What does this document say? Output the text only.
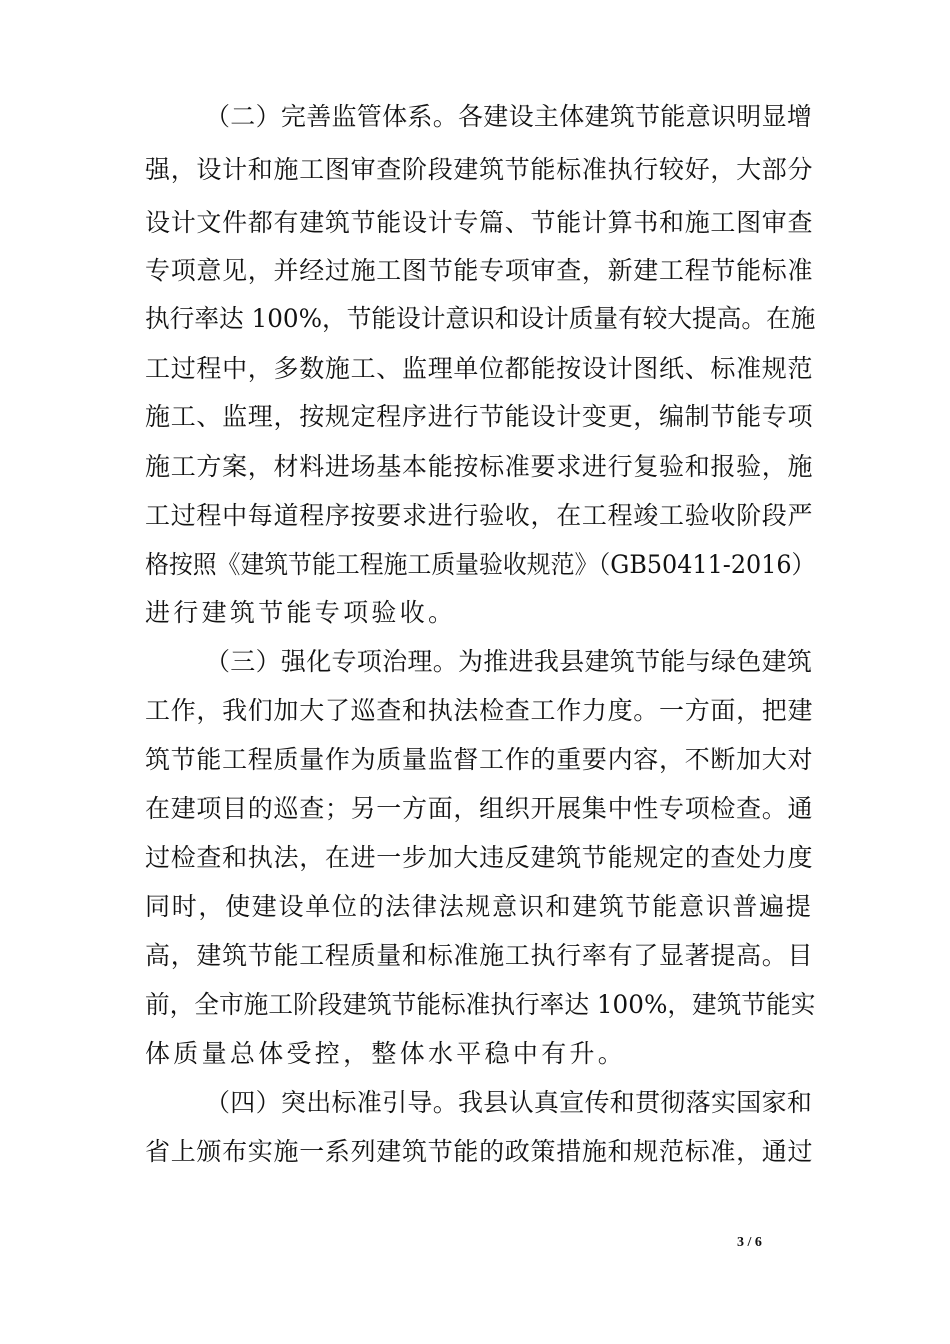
（二）完善监管体系。各建设主体建筑节能意识明显增
强，设计和施工图审查阶段建筑节能标准执行较好，大部分
设计文件都有建筑节能设计专篇、节能计算书和施工图审查
专项意见，并经过施工图节能专项审查，新建工程节能标准
执行率达 100%，节能设计意识和设计质量有较大提高。在施
工过程中，多数施工、监理单位都能按设计图纸、标准规范
施工、监理，按规定程序进行节能设计变更，编制节能专项
施工方案，材料进场基本能按标准要求进行复验和报验，施
工过程中每道程序按要求进行验收，在工程竣工验收阶段严
格按照《建筑节能工程施工质量验收规范》（GB50411-2016）
进行建筑节能专项验收。
（三）强化专项治理。为推进我县建筑节能与绿色建筑
工作，我们加大了巡查和执法检查工作力度。一方面，把建
筑节能工程质量作为质量监督工作的重要内容，不断加大对
在建项目的巡查；另一方面，组织开展集中性专项检查。通
过检查和执法，在进一步加大违反建筑节能规定的查处力度
同时，使建设单位的法律法规意识和建筑节能意识普遍提
高，建筑节能工程质量和标准施工执行率有了显著提高。目
前，全市施工阶段建筑节能标准执行率达 100%，建筑节能实
体质量总体受控，整体水平稳中有升。
（四）突出标准引导。我县认真宣传和贯彻落实国家和
省上颁布实施一系列建筑节能的政策措施和规范标准，通过
3 / 6
